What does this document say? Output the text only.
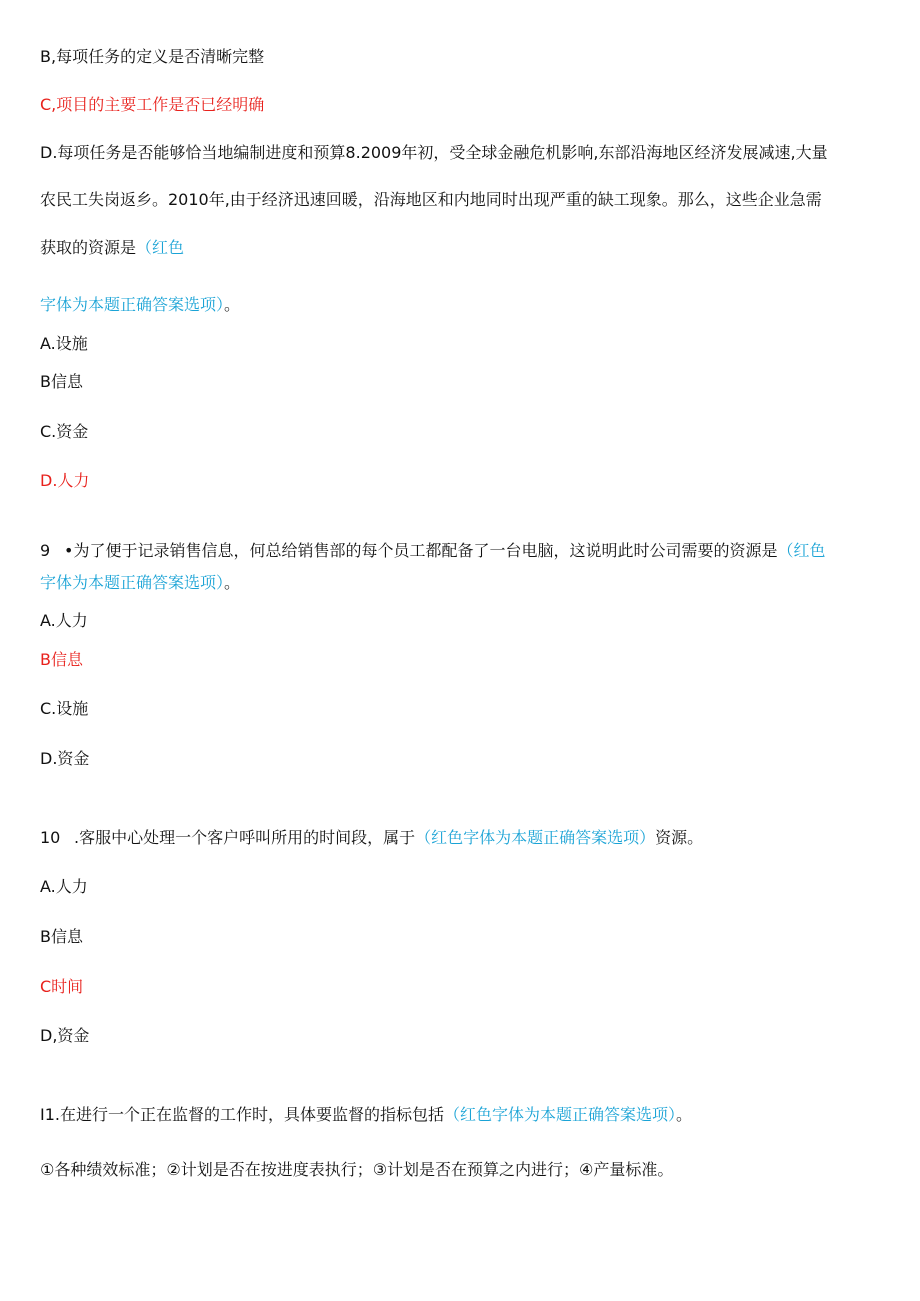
B,每项任务的定义是否清晰完整
C,项目的主要工作是否已经明确
D.每项任务是否能够恰当地编制进度和预算8.2009年初，受全球金融危机影响,东部沿海地区经济发展减速,大量
农民工失岗返乡。2010年,由于经济迅速回暖，沿海地区和内地同时出现严重的缺工现象。那么，这些企业急需
获取的资源是（红色
字体为本题正确答案选项）。
A.设施
B信息
C.资金
D.人力
9 •为了便于记录销售信息，何总给销售部的每个员工都配备了一台电脑，这说明此时公司需要的资源是（红色
字体为本题正确答案选项）。
A.人力
B信息
C.设施
D.资金
10 .客服中心处理一个客户呼叫所用的时间段，属于（红色字体为本题正确答案选项）资源。
A.人力
B信息
C时间
D,资金
I1.在进行一个正在监督的工作时，具体要监督的指标包括（红色字体为本题正确答案选项）。
①各种绩效标准；②计划是否在按进度表执行；③计划是否在预算之内进行；④产量标准。
